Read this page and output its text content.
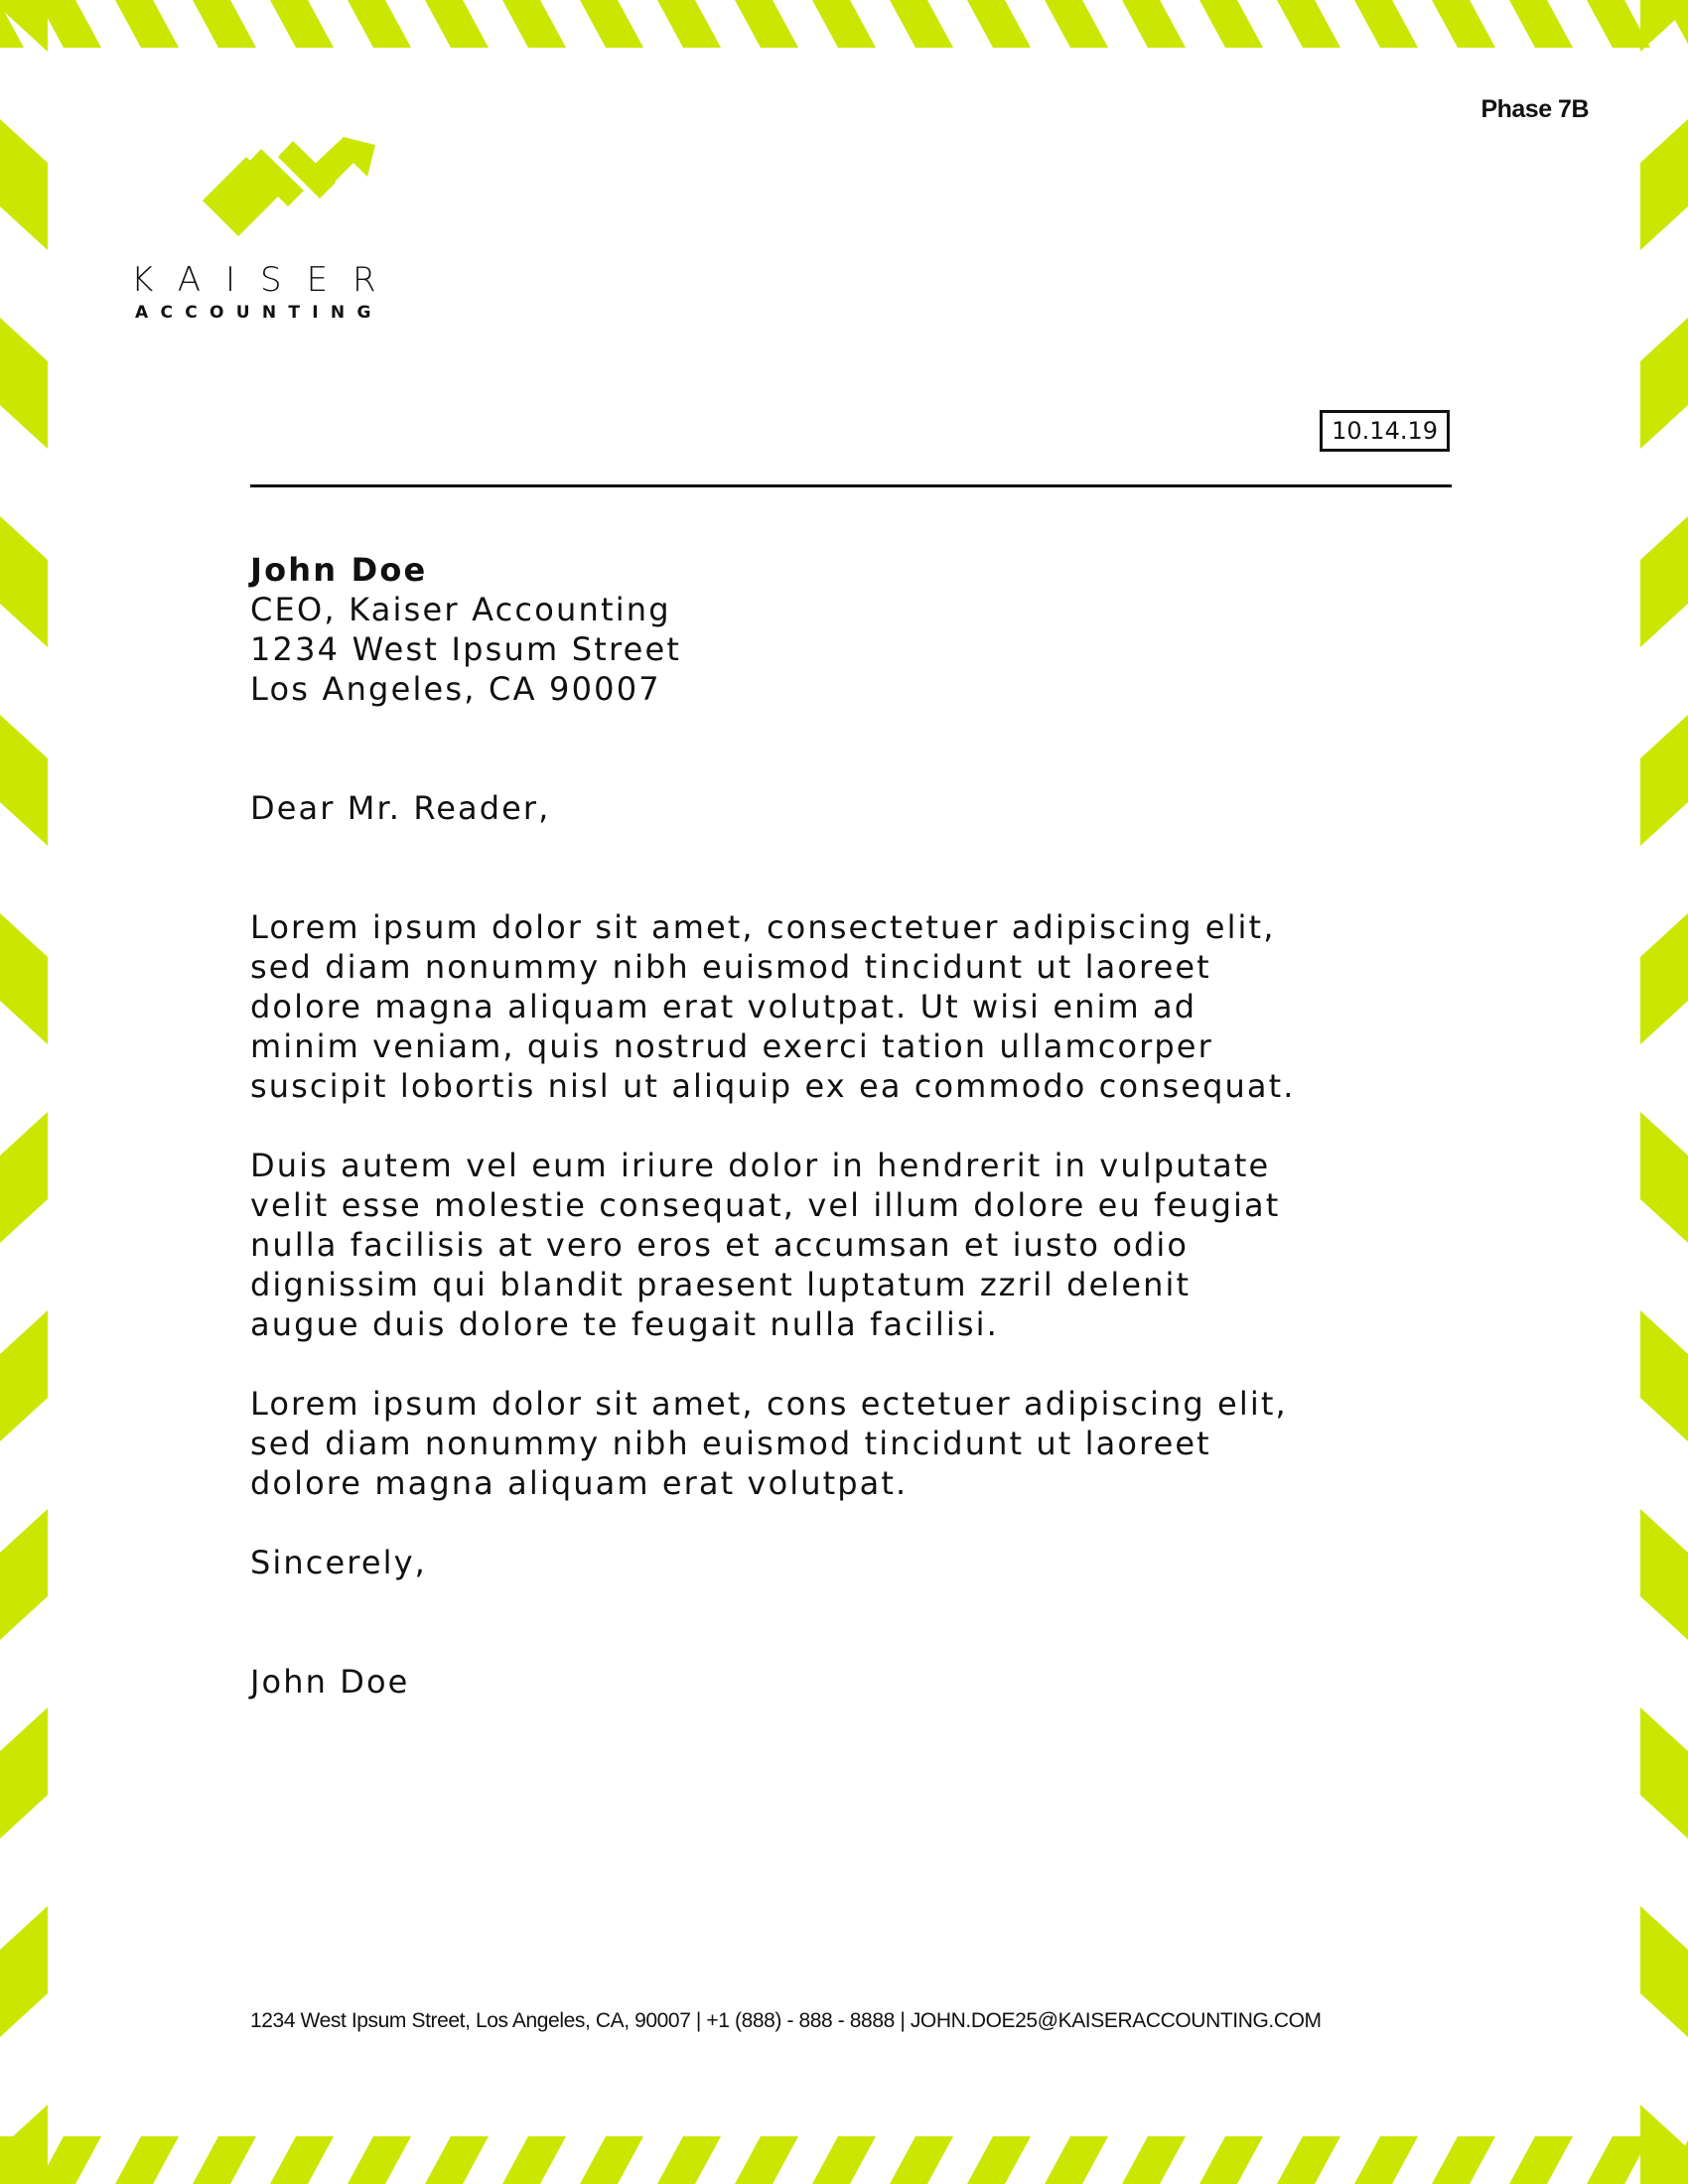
Phase 7B
KAISER
ACCOUNTING
10.14.19
John Doe
CEO, Kaiser Accounting
1234 West Ipsum Street
Los Angeles, CA 90007
Dear Mr. Reader,
Lorem ipsum dolor sit amet, consectetuer adipiscing elit,
sed diam nonummy nibh euismod tincidunt ut laoreet
dolore magna aliquam erat volutpat. Ut wisi enim ad
minim veniam, quis nostrud exerci tation ullamcorper
suscipit lobortis nisl ut aliquip ex ea commodo consequat.
Duis autem vel eum iriure dolor in hendrerit in vulputate
velit esse molestie consequat, vel illum dolore eu feugiat
nulla facilisis at vero eros et accumsan et iusto odio
dignissim qui blandit praesent luptatum zzril delenit
augue duis dolore te feugait nulla facilisi.
Lorem ipsum dolor sit amet, cons ectetuer adipiscing elit,
sed diam nonummy nibh euismod tincidunt ut laoreet
dolore magna aliquam erat volutpat.
Sincerely,
John Doe
1234 West Ipsum Street, Los Angeles, CA, 90007 | +1 (888) - 888 - 8888 | JOHN.DOE25@KAISERACCOUNTING.COM
